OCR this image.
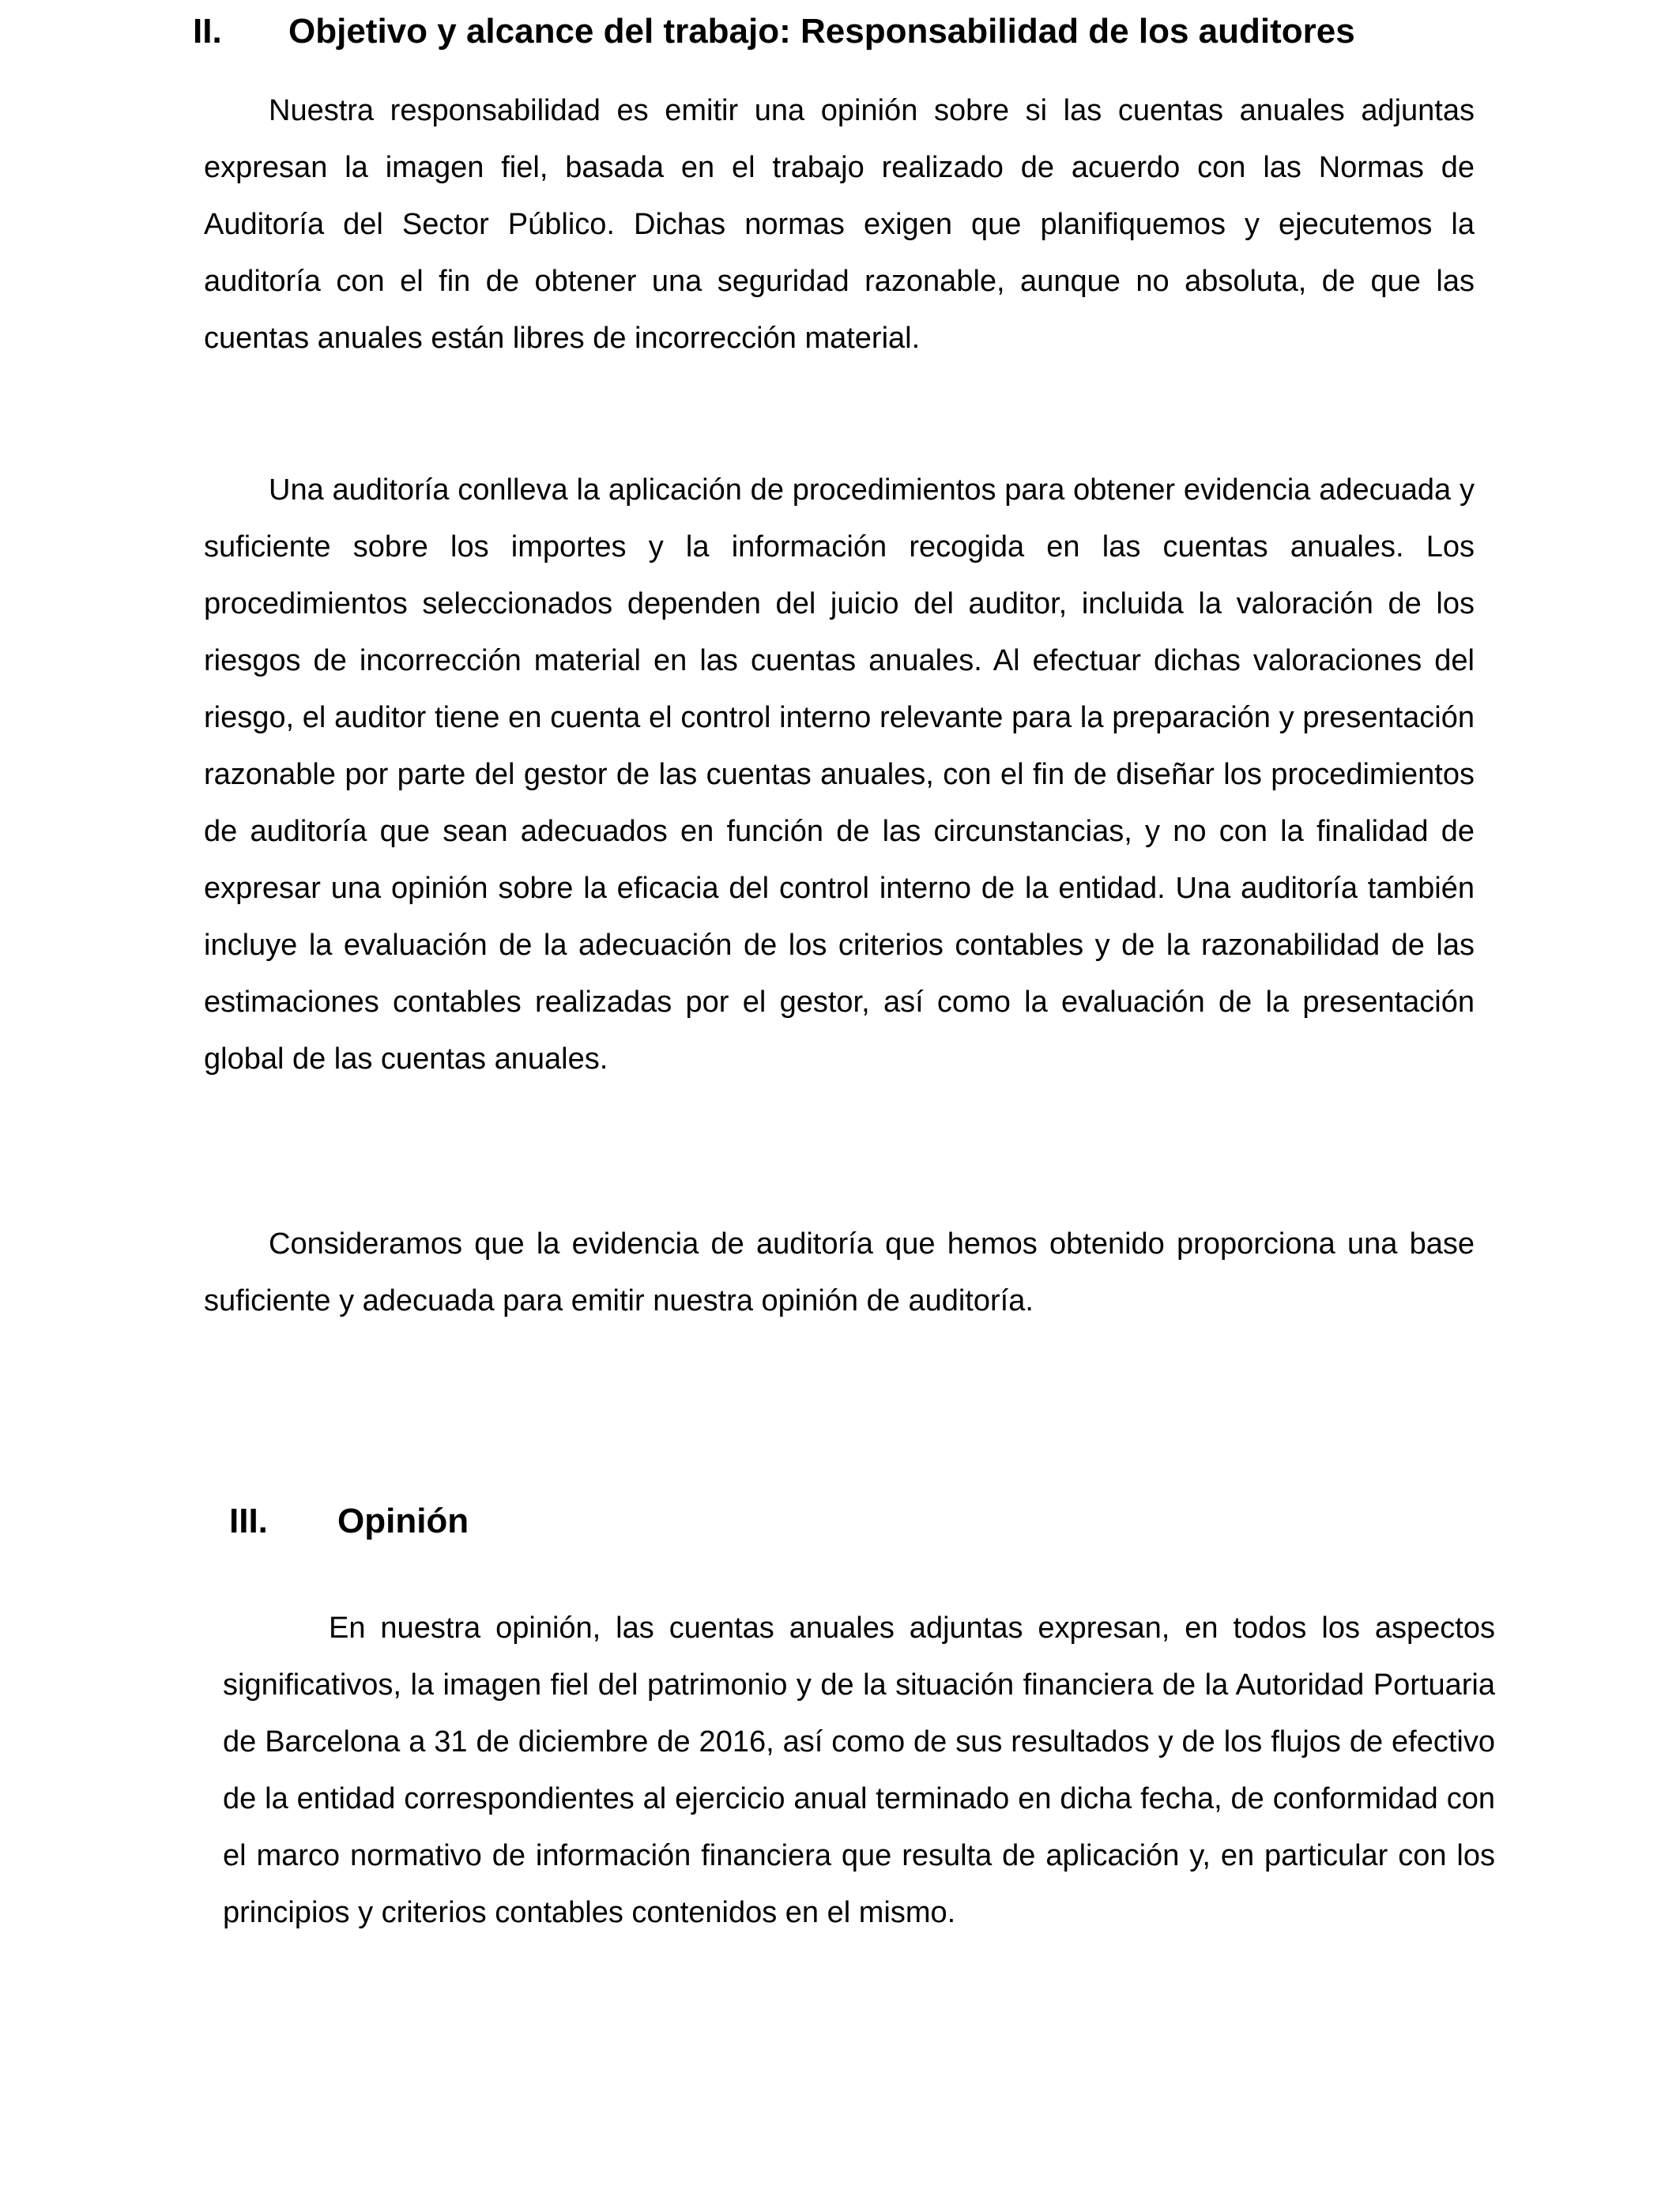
II. Objetivo y alcance del trabajo: Responsabilidad de los auditores

Nuestra responsabilidad es emitir una opinión sobre si las cuentas anuales adjuntas expresan la imagen fiel, basada en el trabajo realizado de acuerdo con las Normas de Auditoría del Sector Público. Dichas normas exigen que planifiquemos y ejecutemos la auditoría con el fin de obtener una seguridad razonable, aunque no absoluta, de que las cuentas anuales están libres de incorrección material.

Una auditoría conlleva la aplicación de procedimientos para obtener evidencia adecuada y suficiente sobre los importes y la información recogida en las cuentas anuales. Los procedimientos seleccionados dependen del juicio del auditor, incluida la valoración de los riesgos de incorrección material en las cuentas anuales. Al efectuar dichas valoraciones del riesgo, el auditor tiene en cuenta el control interno relevante para la preparación y presentación razonable por parte del gestor de las cuentas anuales, con el fin de diseñar los procedimientos de auditoría que sean adecuados en función de las circunstancias, y no con la finalidad de expresar una opinión sobre la eficacia del control interno de la entidad. Una auditoría también incluye la evaluación de la adecuación de los criterios contables y de la razonabilidad de las estimaciones contables realizadas por el gestor, así como la evaluación de la presentación global de las cuentas anuales.

Consideramos que la evidencia de auditoría que hemos obtenido proporciona una base suficiente y adecuada para emitir nuestra opinión de auditoría.

III. Opinión

En nuestra opinión, las cuentas anuales adjuntas expresan, en todos los aspectos significativos, la imagen fiel del patrimonio y de la situación financiera de la Autoridad Portuaria de Barcelona a 31 de diciembre de 2016, así como de sus resultados y de los flujos de efectivo de la entidad correspondientes al ejercicio anual terminado en dicha fecha, de conformidad con el marco normativo de información financiera que resulta de aplicación y, en particular con los principios y criterios contables contenidos en el mismo.
